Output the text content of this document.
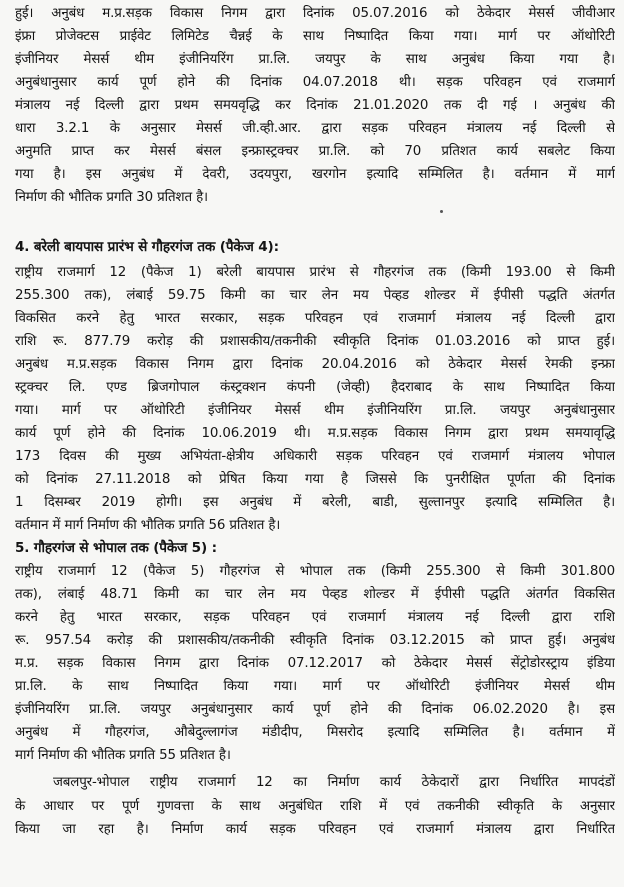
हुई। अनुबंध म.प्र.सड़क विकास निगम द्वारा दिनांक 05.07.2016 को ठेकेदार मेसर्स जीवीआर
इंफ्रा प्रोजेक्टस प्राईवेट लिमिटेड चैन्नई के साथ निष्पादित किया गया। मार्ग पर ऑथोरिटी
इंजीनियर मेसर्स थीम इंजीनियरिंग प्रा.लि. जयपुर के साथ अनुबंध किया गया है।
अनुबंधानुसार कार्य पूर्ण होने की दिनांक 04.07.2018 थी। सड़क परिवहन एवं राजमार्ग
मंत्रालय नई दिल्ली द्वारा प्रथम समयवृद्धि कर दिनांक 21.01.2020 तक दी गई । अनुबंध की
धारा 3.2.1 के अनुसार मेसर्स जी.व्ही.आर. द्वारा सड़क परिवहन मंत्रालय नई दिल्ली से
अनुमति प्राप्त कर मेसर्स बंसल इन्फ्रास्ट्रक्चर प्रा.लि. को 70 प्रतिशत कार्य सबलेट किया
गया है। इस अनुबंध में देवरी, उदयपुरा, खरगोन इत्यादि सम्मिलित है। वर्तमान में मार्ग
निर्माण की भौतिक प्रगति 30 प्रतिशत है।
4. बरेली बायपास प्रारंभ से गौहरगंज तक (पैकेज 4):
राष्ट्रीय राजमार्ग 12 (पैकेज 1) बरेली बायपास प्रारंभ से गौहरगंज तक (किमी 193.00 से किमी
255.300 तक), लंबाई 59.75 किमी का चार लेन मय पेव्हड शोल्डर में ईपीसी पद्धति अंतर्गत
विकसित करने हेतु भारत सरकार, सड़क परिवहन एवं राजमार्ग मंत्रालय नई दिल्ली द्वारा
राशि रू. 877.79 करोड़ की प्रशासकीय/तकनीकी स्वीकृति दिनांक 01.03.2016 को प्राप्त हुई।
अनुबंध म.प्र.सड़क विकास निगम द्वारा दिनांक 20.04.2016 को ठेकेदार मेसर्स रेमकी इन्फ्रा
स्ट्रक्चर लि. एण्ड ब्रिजगोपाल कंस्ट्रक्शन कंपनी (जेव्ही) हैदराबाद के साथ निष्पादित किया
गया। मार्ग पर ऑथोरिटी इंजीनियर मेसर्स थीम इंजीनियरिंग प्रा.लि. जयपुर अनुबंधानुसार
कार्य पूर्ण होने की दिनांक 10.06.2019 थी। म.प्र.सड़क विकास निगम द्वारा प्रथम समयावृद्धि
173 दिवस की मुख्य अभियंता-क्षेत्रीय अधिकारी सड़क परिवहन एवं राजमार्ग मंत्रालय भोपाल
को दिनांक 27.11.2018 को प्रेषित किया गया है जिससे कि पुनरीक्षित पूर्णता की दिनांक
1 दिसम्बर 2019 होगी। इस अनुबंध में बरेली, बाडी, सुल्तानपुर इत्यादि सम्मिलित है।
वर्तमान में मार्ग निर्माण की भौतिक प्रगति 56 प्रतिशत है।
5. गौहरगंज से भोपाल तक (पैकेज 5) :
राष्ट्रीय राजमार्ग 12 (पैकेज 5) गौहरगंज से भोपाल तक (किमी 255.300 से किमी 301.800
तक), लंबाई 48.71 किमी का चार लेन मय पेव्हड शोल्डर में ईपीसी पद्धति अंतर्गत विकसित
करने हेतु भारत सरकार, सड़क परिवहन एवं राजमार्ग मंत्रालय नई दिल्ली द्वारा राशि
रू. 957.54 करोड़ की प्रशासकीय/तकनीकी स्वीकृति दिनांक 03.12.2015 को प्राप्त हुई। अनुबंध
म.प्र. सड़क विकास निगम द्वारा दिनांक 07.12.2017 को ठेकेदार मेसर्स सेंट्रोडोरस्ट्राय इंडिया
प्रा.लि. के साथ निष्पादित किया गया। मार्ग पर ऑथोरिटी इंजीनियर मेसर्स थीम
इंजीनियरिंग प्रा.लि. जयपुर अनुबंधानुसार कार्य पूर्ण होने की दिनांक 06.02.2020 है। इस
अनुबंध में गौहरगंज, औबेदुल्लागंज मंडीदीप, मिसरोद इत्यादि सम्मिलित है। वर्तमान में
मार्ग निर्माण की भौतिक प्रगति 55 प्रतिशत है।
जबलपुर-भोपाल राष्ट्रीय राजमार्ग 12 का निर्माण कार्य ठेकेदारों द्वारा निर्धारित मापदंडों
के आधार पर पूर्ण गुणवत्ता के साथ अनुबंधित राशि में एवं तकनीकी स्वीकृति के अनुसार
किया जा रहा है। निर्माण कार्य सड़क परिवहन एवं राजमार्ग मंत्रालय द्वारा निर्धारित
